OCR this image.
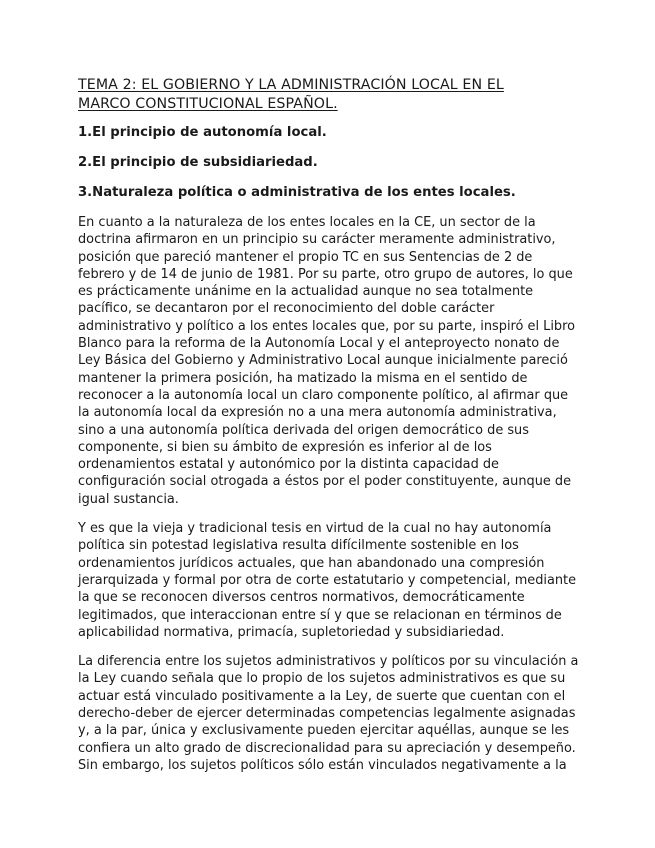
TEMA 2: EL GOBIERNO Y LA ADMINISTRACIÓN LOCAL EN EL
MARCO CONSTITUCIONAL ESPAÑOL.
1.El principio de autonomía local.
2.El principio de subsidiariedad.
3.Naturaleza política o administrativa de los entes locales.

En cuanto a la naturaleza de los entes locales en la CE, un sector de la
doctrina afirmaron en un principio su carácter meramente administrativo,
posición que pareció mantener el propio TC en sus Sentencias de 2 de
febrero y de 14 de junio de 1981. Por su parte, otro grupo de autores, lo que
es prácticamente unánime en la actualidad aunque no sea totalmente
pacífico, se decantaron por el reconocimiento del doble carácter
administrativo y político a los entes locales que, por su parte, inspiró el Libro
Blanco para la reforma de la Autonomía Local y el anteproyecto nonato de
Ley Básica del Gobierno y Administrativo Local aunque inicialmente pareció
mantener la primera posición, ha matizado la misma en el sentido de
reconocer a la autonomía local un claro componente político, al afirmar que
la autonomía local da expresión no a una mera autonomía administrativa,
sino a una autonomía política derivada del origen democrático de sus
componente, si bien su ámbito de expresión es inferior al de los
ordenamientos estatal y autonómico por la distinta capacidad de
configuración social otrogada a éstos por el poder constituyente, aunque de
igual sustancia.

Y es que la vieja y tradicional tesis en virtud de la cual no hay autonomía
política sin potestad legislativa resulta difícilmente sostenible en los
ordenamientos jurídicos actuales, que han abandonado una compresión
jerarquizada y formal por otra de corte estatutario y competencial, mediante
la que se reconocen diversos centros normativos, democráticamente
legitimados, que interaccionan entre sí y que se relacionan en términos de
aplicabilidad normativa, primacía, supletoriedad y subsidiariedad.

La diferencia entre los sujetos administrativos y políticos por su vinculación a
la Ley cuando señala que lo propio de los sujetos administrativos es que su
actuar está vinculado positivamente a la Ley, de suerte que cuentan con el
derecho-deber de ejercer determinadas competencias legalmente asignadas
y, a la par, única y exclusivamente pueden ejercitar aquéllas, aunque se les
confiera un alto grado de discrecionalidad para su apreciación y desempeño.
Sin embargo, los sujetos políticos sólo están vinculados negativamente a la
